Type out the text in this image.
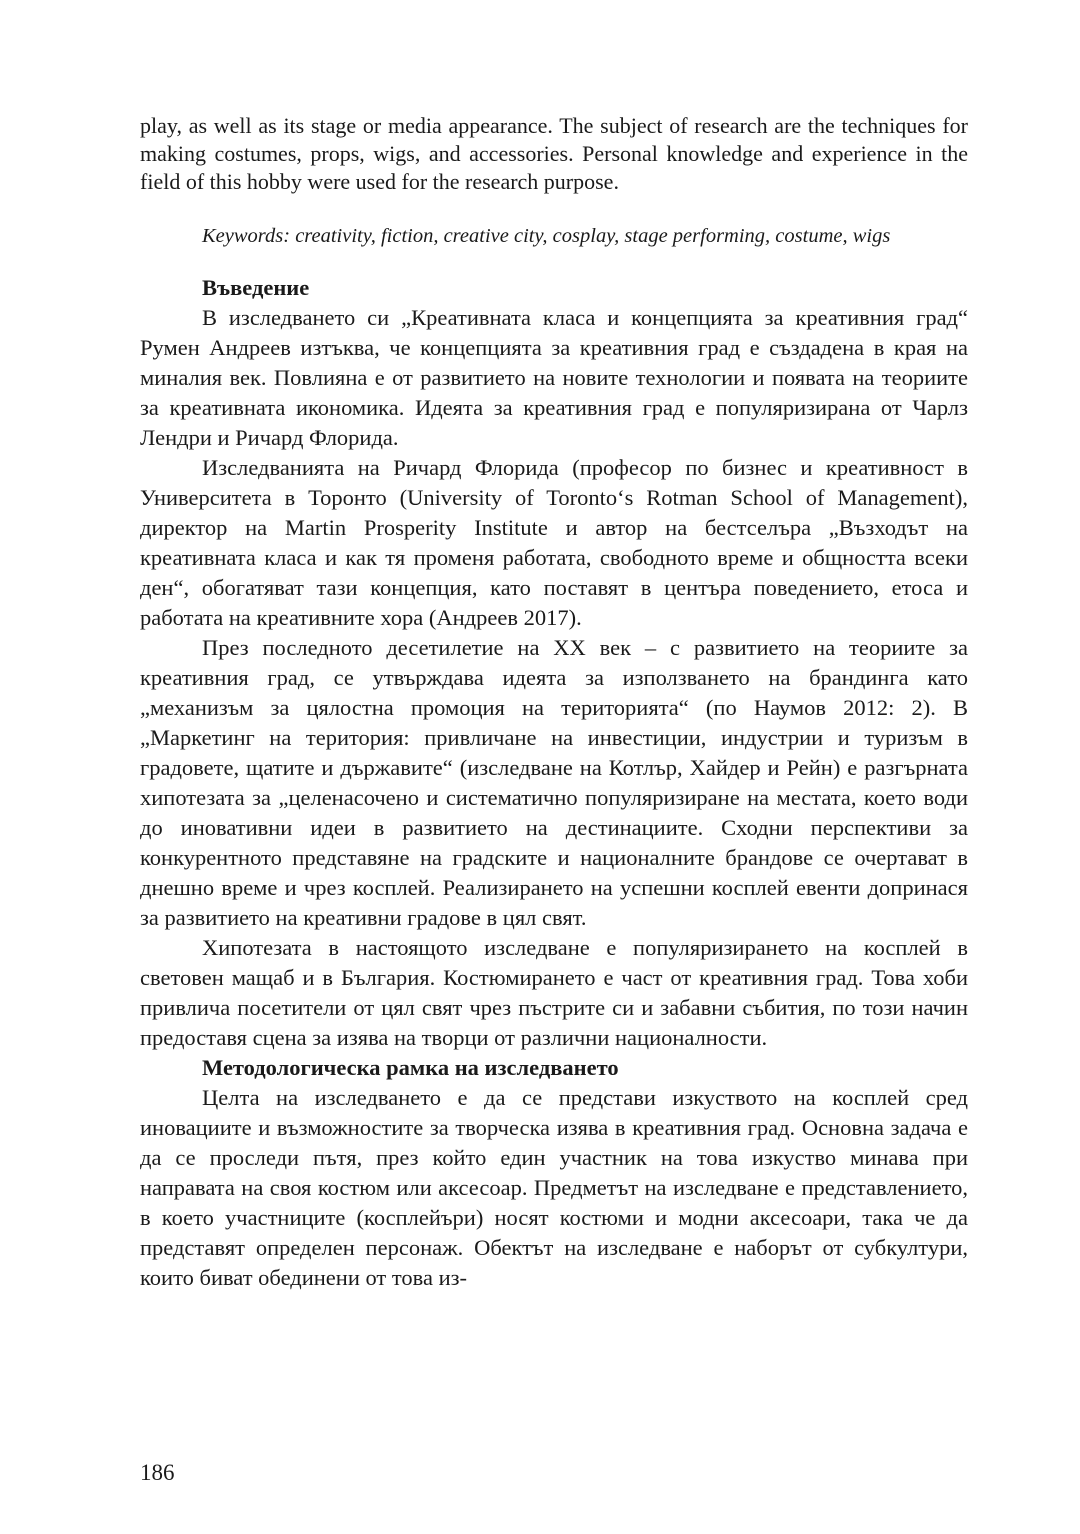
play, as well as its stage or media appearance. The subject of research are the techniques for making costumes, props, wigs, and accessories. Personal knowledge and experience in the field of this hobby were used for the research purpose.

Keywords: creativity, fiction, creative city, cosplay, stage performing, costume, wigs

Въведение

В изследването си „Креативната класа и концепцията за креативния град“ Румен Андреев изтъква, че концепцията за креативния град е създадена в края на миналия век. Повлияна е от развитието на новите технологии и появата на теориите за креативната икономика. Идеята за креативния град е популяризирана от Чарлз Лендри и Ричард Флорида.

Изследванията на Ричард Флорида (професор по бизнес и креативност в Университета в Торонто (University of Toronto‘s Rotman School of Management), директор на Martin Prosperity Institute и автор на бестселъра „Възходът на креативната класа и как тя променя работата, свободното време и общността всеки ден“, обогатяват тази концепция, като поставят в центъра поведението, етоса и работата на креативните хора (Андреев 2017).

През последното десетилетие на XX век – с развитието на теориите за креативния град, се утвърждава идеята за използването на брандинга като „механизъм за цялостна промоция на територията“ (по Наумов 2012: 2). В „Маркетинг на територия: привличане на инвестиции, индустрии и туризъм в градовете, щатите и държавите“ (изследване на Котлър, Хайдер и Рейн) е разгърната хипотезата за „целенасочено и систематично популяризиране на местата, което води до иновативни идеи в развитието на дестинациите. Сходни перспективи за конкурентното представяне на градските и националните брандове се очертават в днешно време и чрез косплей. Реализирането на успешни косплей евенти допринася за развитието на креативни градове в цял свят.

Хипотезата в настоящото изследване е популяризирането на косплей в световен мащаб и в България. Костюмирането е част от креативния град. Това хоби привлича посетители от цял свят чрез пъстрите си и забавни събития, по този начин предоставя сцена за изява на творци от различни националности.

Методологическа рамка на изследването

Целта на изследването е да се представи изкуството на косплей сред иновациите и възможностите за творческа изява в креативния град. Основна задача е да се проследи пътя, през който един участник на това изкуство минава при направата на своя костюм или аксесоар. Предметът на изследване е представлението, в което участниците (косплейъри) носят костюми и модни аксесоари, така че да представят определен персонаж. Обектът на изследване е наборът от субкултури, които биват обединени от това из-

186
